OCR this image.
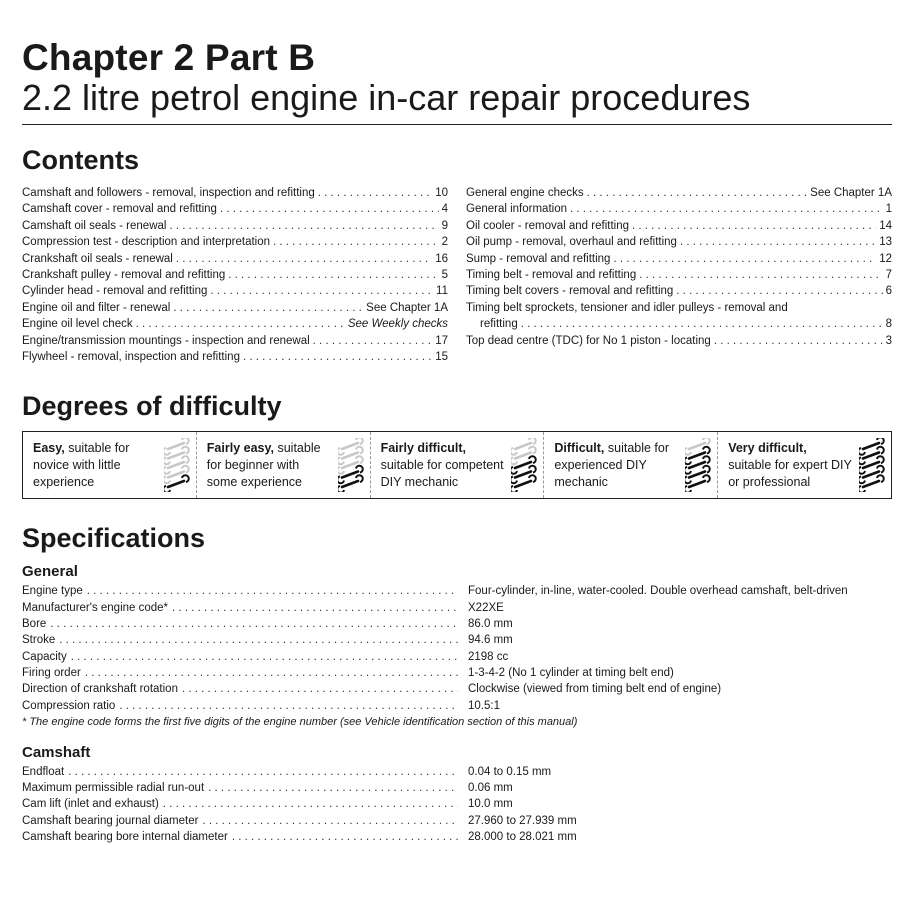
Chapter 2 Part B
2.2 litre petrol engine in-car repair procedures
Contents
Camshaft and followers - removal, inspection and refitting . . .	10
Camshaft cover - removal and refitting . . .	4
Camshaft oil seals - renewal . . .	9
Compression test - description and interpretation . . .	2
Crankshaft oil seals - renewal . . .	16
Crankshaft pulley - removal and refitting . . .	5
Cylinder head - removal and refitting . . .	11
Engine oil and filter - renewal . . .	See Chapter 1A
Engine oil level check . . .	See Weekly checks
Engine/transmission mountings - inspection and renewal . . .	17
Flywheel - removal, inspection and refitting . . .	15
General engine checks . . .	See Chapter 1A
General information . . .	1
Oil cooler - removal and refitting . . .	14
Oil pump - removal, overhaul and refitting . . .	13
Sump - removal and refitting . . .	12
Timing belt - removal and refitting . . .	7
Timing belt covers - removal and refitting . . .	6
Timing belt sprockets, tensioner and idler pulleys - removal and
refitting . . .	8
Top dead centre (TDC) for No 1 piston - locating . . .	3
Degrees of difficulty
Easy, suitable for novice with little experience
Fairly easy, suitable for beginner with some experience
Fairly difficult, suitable for competent DIY mechanic
Difficult, suitable for experienced DIY mechanic
Very difficult, suitable for expert DIY or professional
Specifications
General
Engine type . . .	Four-cylinder, in-line, water-cooled. Double overhead camshaft, belt-driven
Manufacturer's engine code* . . .	X22XE
Bore . . .	86.0 mm
Stroke . . .	94.6 mm
Capacity . . .	2198 cc
Firing order . . .	1-3-4-2 (No 1 cylinder at timing belt end)
Direction of crankshaft rotation . . .	Clockwise (viewed from timing belt end of engine)
Compression ratio . . .	10.5:1
* The engine code forms the first five digits of the engine number (see Vehicle identification section of this manual)
Camshaft
Endfloat . . .	0.04 to 0.15 mm
Maximum permissible radial run-out . . .	0.06 mm
Cam lift (inlet and exhaust) . . .	10.0 mm
Camshaft bearing journal diameter . . .	27.960 to 27.939 mm
Camshaft bearing bore internal diameter . . .	28.000 to 28.021 mm
